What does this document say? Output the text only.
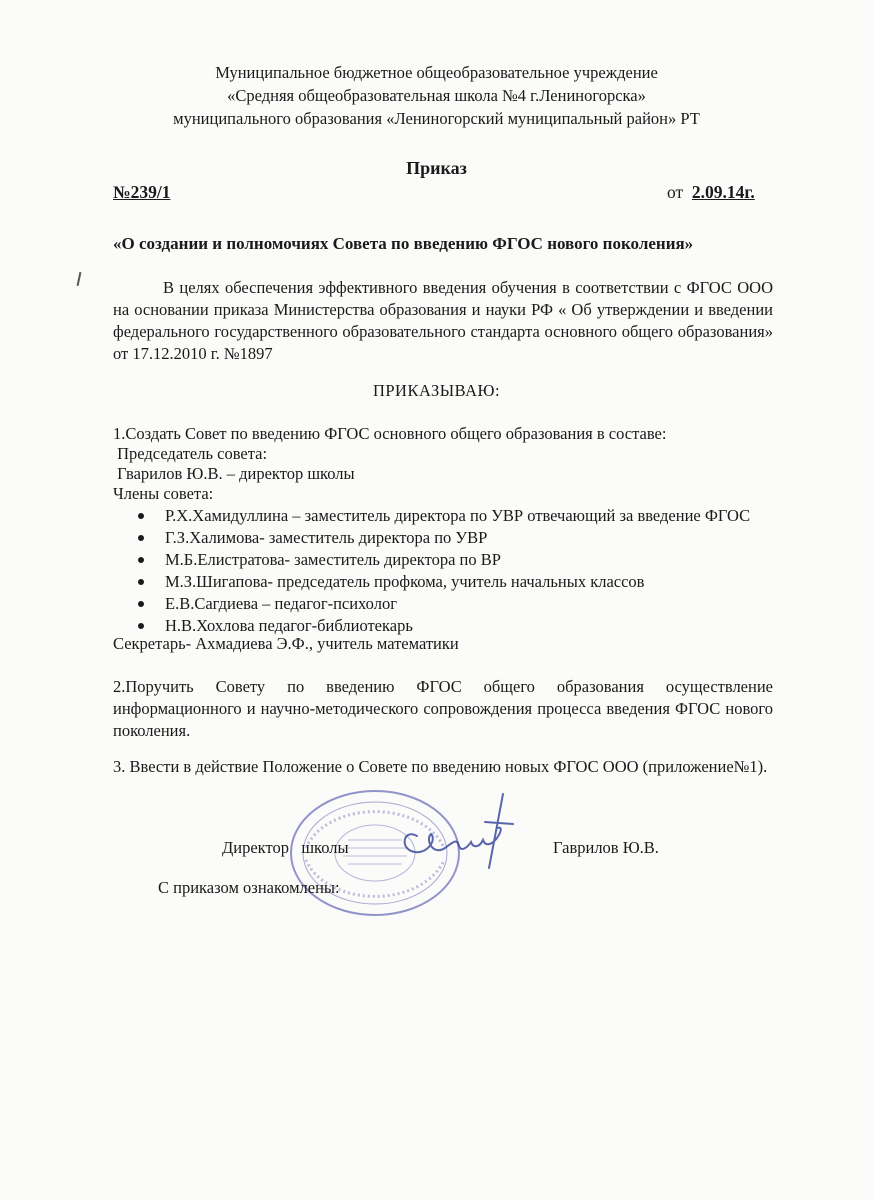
Муниципальное бюджетное общеобразовательное учреждение
«Средняя общеобразовательная школа №4 г.Лениногорска»
муниципального образования «Лениногорский муниципальный район» РТ
Приказ
№239/1	от 2.09.14г.
«О создании и полномочиях Совета по введению ФГОС нового поколения»
В целях обеспечения эффективного введения обучения в соответствии с ФГОС ООО на основании приказа Министерства образования и науки РФ « Об утверждении и введении федерального государственного образовательного стандарта основного общего образования» от 17.12.2010 г. №1897
ПРИКАЗЫВАЮ:
1.Создать Совет по введению ФГОС основного общего образования в составе:
Председатель совета:
Гварилов Ю.В. – директор школы
Члены совета:
Р.Х.Хамидуллина – заместитель директора по УВР отвечающий за введение ФГОС
Г.З.Халимова- заместитель директора по УВР
М.Б.Елистратова- заместитель директора по ВР
М.З.Шигапова- председатель профкома, учитель начальных классов
Е.В.Сагдиева – педагог-психолог
Н.В.Хохлова педагог-библиотекарь
Секретарь- Ахмадиева Э.Ф., учитель математики
2.Поручить Совету по введению ФГОС общего образования осуществление информационного и научно-методического сопровождения процесса введения ФГОС нового поколения.
3. Ввести в действие Положение о Совете по введению новых ФГОС ООО (приложение№1).
Директор   школы	Гаврилов Ю.В.
С приказом ознакомлены:
